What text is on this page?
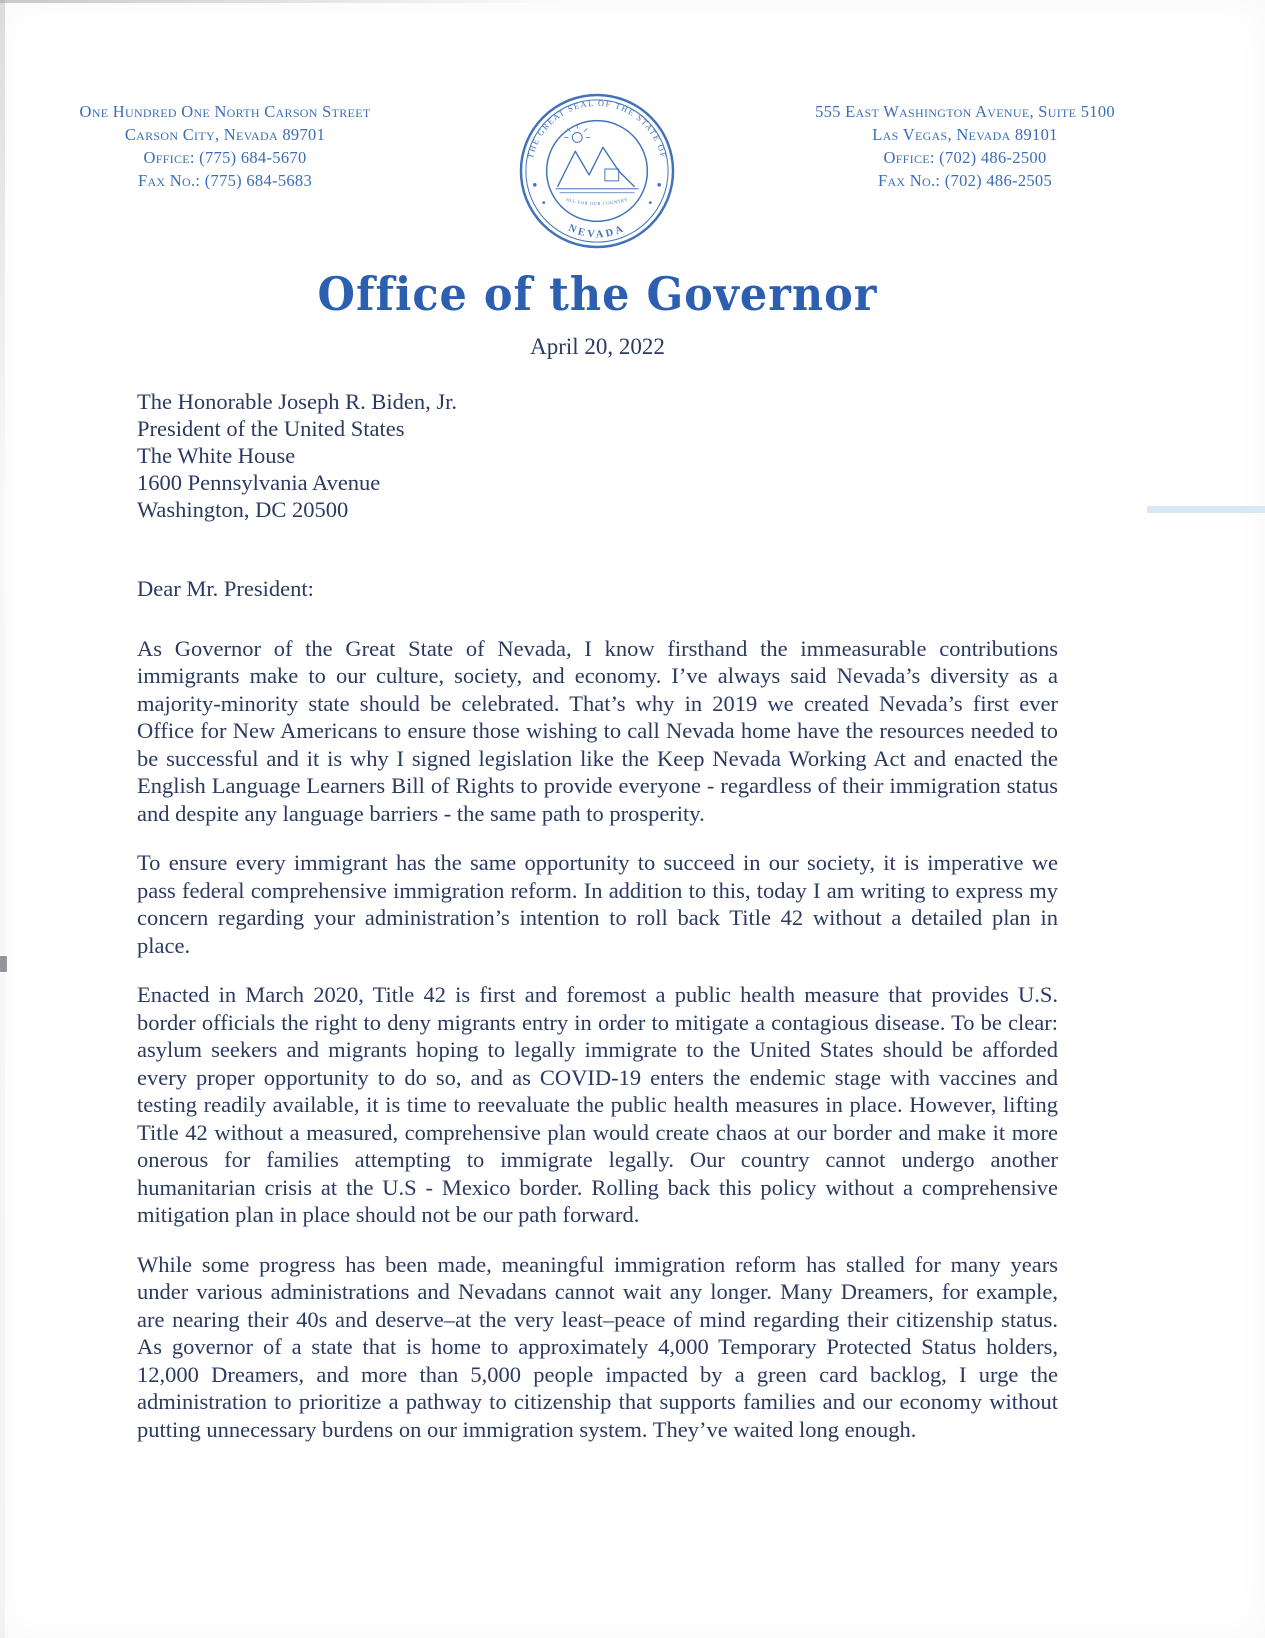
One Hundred One North Carson Street
Carson City, Nevada 89701
Office: (775) 684-5670
Fax No.: (775) 684-5683
THE GREAT SEAL OF THE STATE OF
NEVADA
ALL FOR OUR COUNTRY
555 East Washington Avenue, Suite 5100
Las Vegas, Nevada 89101
Office: (702) 486-2500
Fax No.: (702) 486-2505
Office of the Governor
April 20, 2022
The Honorable Joseph R. Biden, Jr.
President of the United States
The White House
1600 Pennsylvania Avenue
Washington, DC 20500
Dear Mr. President:

As Governor of the Great State of Nevada, I know firsthand the immeasurable contributions immigrants make to our culture, society, and economy. I’ve always said Nevada’s diversity as a majority-minority state should be celebrated. That’s why in 2019 we created Nevada’s first ever Office for New Americans to ensure those wishing to call Nevada home have the resources needed to be successful and it is why I signed legislation like the Keep Nevada Working Act and enacted the English Language Learners Bill of Rights to provide everyone - regardless of their immigration status and despite any language barriers - the same path to prosperity.

To ensure every immigrant has the same opportunity to succeed in our society, it is imperative we pass federal comprehensive immigration reform. In addition to this, today I am writing to express my concern regarding your administration’s intention to roll back Title 42 without a detailed plan in place.

Enacted in March 2020, Title 42 is first and foremost a public health measure that provides U.S. border officials the right to deny migrants entry in order to mitigate a contagious disease. To be clear: asylum seekers and migrants hoping to legally immigrate to the United States should be afforded every proper opportunity to do so, and as COVID-19 enters the endemic stage with vaccines and testing readily available, it is time to reevaluate the public health measures in place. However, lifting Title 42 without a measured, comprehensive plan would create chaos at our border and make it more onerous for families attempting to immigrate legally. Our country cannot undergo another humanitarian crisis at the U.S - Mexico border. Rolling back this policy without a comprehensive mitigation plan in place should not be our path forward.

While some progress has been made, meaningful immigration reform has stalled for many years under various administrations and Nevadans cannot wait any longer. Many Dreamers, for example, are nearing their 40s and deserve–at the very least–peace of mind regarding their citizenship status. As governor of a state that is home to approximately 4,000 Temporary Protected Status holders, 12,000 Dreamers, and more than 5,000 people impacted by a green card backlog, I urge the administration to prioritize a pathway to citizenship that supports families and our economy without putting unnecessary burdens on our immigration system. They’ve waited long enough.
